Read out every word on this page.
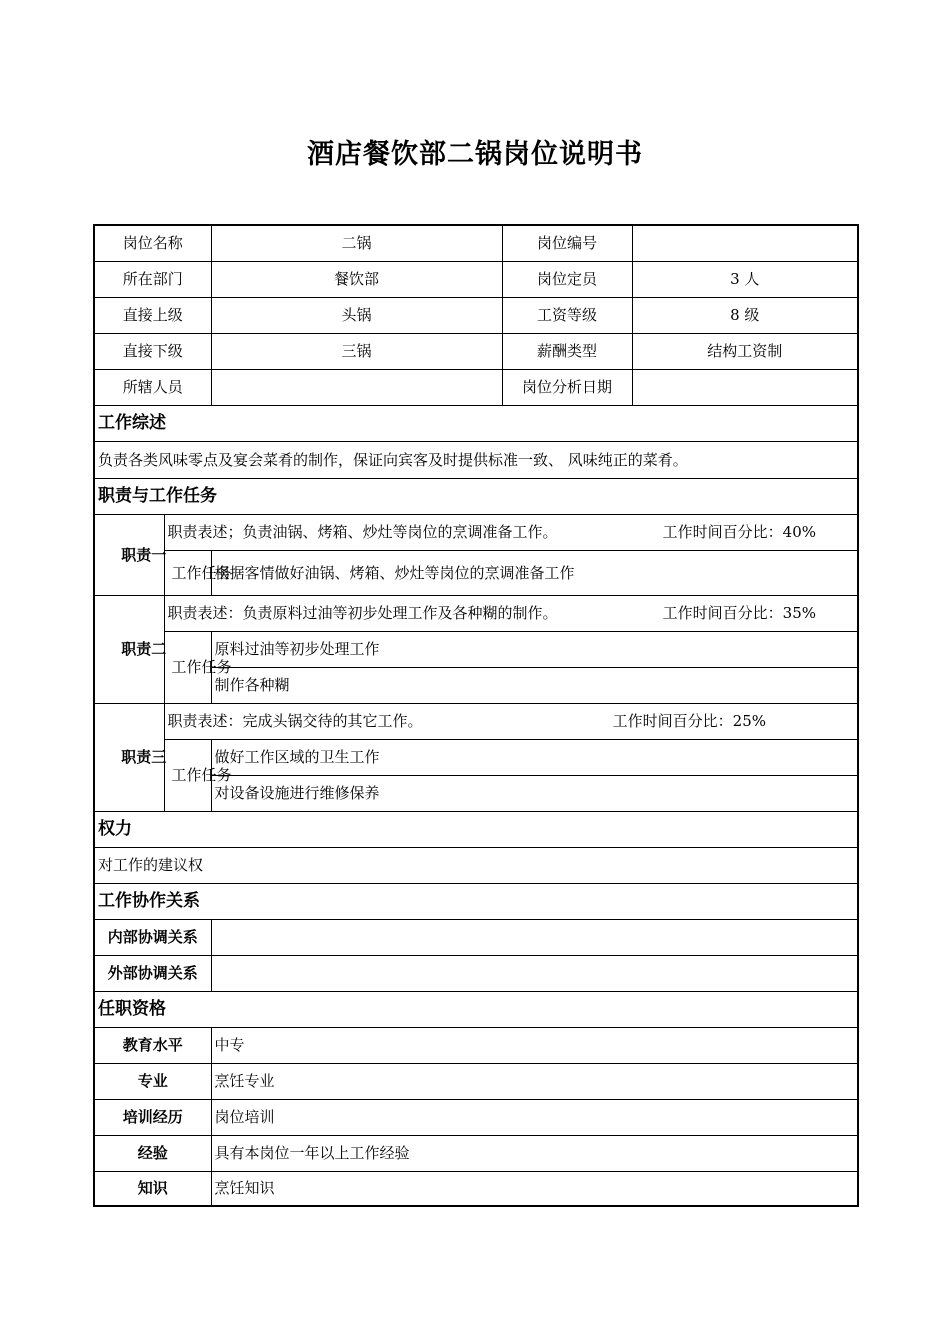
酒店餐饮部二锅岗位说明书
岗位名称		二锅	岗位编号	
所在部门		餐饮部	岗位定员	3 人
直接上级		头锅	工资等级	8 级
直接下级		三锅	薪酬类型	结构工资制
所辖人员			岗位分析日期	
工作综述				
负责各类风味零点及宴会菜肴的制作，保证向宾客及时提供标准一致、 风味纯正的菜肴。				
职责与工作任务				
职责一	职责表述；负责油锅、烤箱、炒灶等岗位的烹调准备工作。 工作时间百分比：40%			

	工作任务	根据客情做好油锅、烤箱、炒灶等岗位的烹调准备工作		
职责二	职责表述：负责原料过油等初步处理工作及各种糊的制作。 工作时间百分比：35%			

	工作任务	原料过油等初步处理工作		
		制作各种糊		
职责三	职责表述：完成头锅交待的其它工作。 工作时间百分比：25%			

	工作任务	做好工作区域的卫生工作		
		对设备设施进行维修保养		
权力				
对工作的建议权				
工作协作关系				
内部协调关系				
外部协调关系				
任职资格				
教育水平		中专		
专业		烹饪专业		
培训经历		岗位培训		
经验		具有本岗位一年以上工作经验		
知识		烹饪知识		
